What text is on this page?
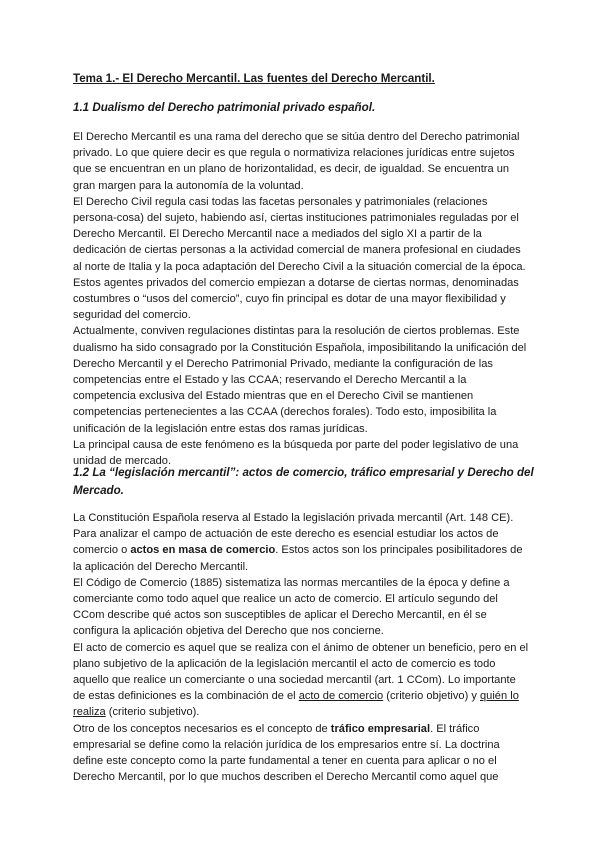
Tema 1.- El Derecho Mercantil. Las fuentes del Derecho Mercantil.
1.1 Dualismo del Derecho patrimonial privado español.
El Derecho Mercantil es una rama del derecho que se sitúa dentro del Derecho patrimonial
privado. Lo que quiere decir es que regula o normativiza relaciones jurídicas entre sujetos
que se encuentran en un plano de horizontalidad, es decir, de igualdad. Se encuentra un
gran margen para la autonomía de la voluntad.
El Derecho Civil regula casi todas las facetas personales y patrimoniales (relaciones
persona-cosa) del sujeto, habiendo así, ciertas instituciones patrimoniales reguladas por el
Derecho Mercantil. El Derecho Mercantil nace a mediados del siglo XI a partir de la
dedicación de ciertas personas a la actividad comercial de manera profesional en ciudades
al norte de Italia y la poca adaptación del Derecho Civil a la situación comercial de la época.
Estos agentes privados del comercio empiezan a dotarse de ciertas normas, denominadas
costumbres o “usos del comercio”, cuyo fin principal es dotar de una mayor flexibilidad y
seguridad del comercio.
Actualmente, conviven regulaciones distintas para la resolución de ciertos problemas. Este
dualismo ha sido consagrado por la Constitución Española, imposibilitando la unificación del
Derecho Mercantil y el Derecho Patrimonial Privado, mediante la configuración de las
competencias entre el Estado y las CCAA; reservando el Derecho Mercantil a la
competencia exclusiva del Estado mientras que en el Derecho Civil se mantienen
competencias pertenecientes a las CCAA (derechos forales). Todo esto, imposibilita la
unificación de la legislación entre estas dos ramas jurídicas.
La principal causa de este fenómeno es la búsqueda por parte del poder legislativo de una
unidad de mercado.
1.2 La “legislación mercantil”: actos de comercio, tráfico empresarial y Derecho del
Mercado.
La Constitución Española reserva al Estado la legislación privada mercantil (Art. 148 CE).
Para analizar el campo de actuación de este derecho es esencial estudiar los actos de
comercio o actos en masa de comercio. Estos actos son los principales posibilitadores de
la aplicación del Derecho Mercantil.
El Código de Comercio (1885) sistematiza las normas mercantiles de la época y define a
comerciante como todo aquel que realice un acto de comercio. El artículo segundo del
CCom describe qué actos son susceptibles de aplicar el Derecho Mercantil, en él se
configura la aplicación objetiva del Derecho que nos concierne.
El acto de comercio es aquel que se realiza con el ánimo de obtener un beneficio, pero en el
plano subjetivo de la aplicación de la legislación mercantil el acto de comercio es todo
aquello que realice un comerciante o una sociedad mercantil (art. 1 CCom). Lo importante
de estas definiciones es la combinación de el acto de comercio (criterio objetivo) y quién lo
realiza (criterio subjetivo).
Otro de los conceptos necesarios es el concepto de tráfico empresarial. El tráfico
empresarial se define como la relación jurídica de los empresarios entre sí. La doctrina
define este concepto como la parte fundamental a tener en cuenta para aplicar o no el
Derecho Mercantil, por lo que muchos describen el Derecho Mercantil como aquel que
